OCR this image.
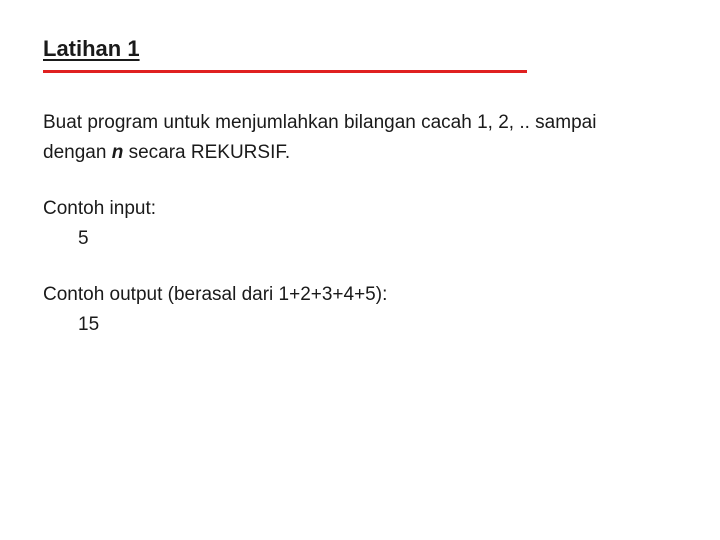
Latihan 1

Buat program untuk menjumlahkan bilangan cacah 1, 2, .. sampai
dengan n secara REKURSIF.

Contoh input:
5

Contoh output (berasal dari 1+2+3+4+5):
15
